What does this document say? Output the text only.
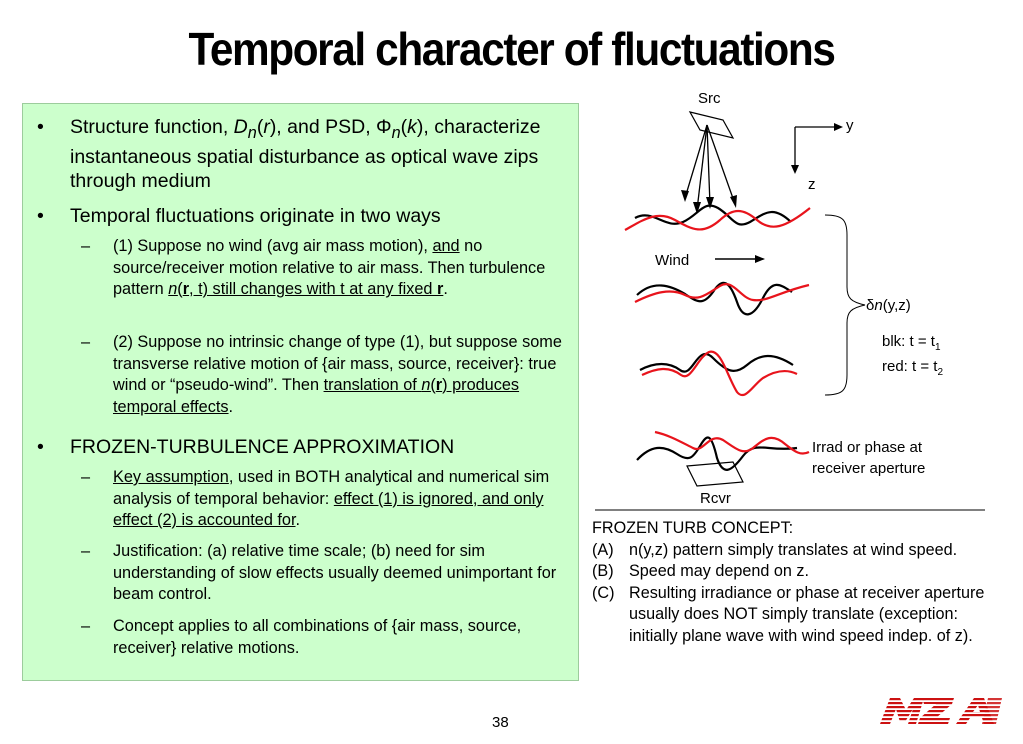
Temporal character of fluctuations
• Structure function, $D_n(r)$, and PSD, $\Phi_n(k)$, characterize instantaneous spatial disturbance as optical wave zips through medium
• Temporal fluctuations originate in two ways
– (1) Suppose no wind (avg air mass motion), and no source/receiver motion relative to air mass. Then turbulence pattern n(r, t) still changes with t at any fixed r.
– (2) Suppose no intrinsic change of type (1), but suppose some transverse relative motion of {air mass, source, receiver}: true wind or “pseudo-wind”. Then translation of n(r) produces temporal effects.
• FROZEN-TURBULENCE APPROXIMATION
– Key assumption, used in BOTH analytical and numerical sim analysis of temporal behavior: effect (1) is ignored, and only effect (2) is accounted for.
– Justification: (a) relative time scale; (b) need for sim understanding of slow effects usually deemed unimportant for beam control.
– Concept applies to all combinations of {air mass, source, receiver} relative motions.
Src
y
z
Wind
δn(y,z)
blk: $t = t_1$
red: $t = t_2$
Irrad or phase at
receiver aperture
Rcvr
FROZEN TURB CONCEPT:
(A) n(y,z) pattern simply translates at wind speed.
(B) Speed may depend on z.
(C) Resulting irradiance or phase at receiver aperture usually does NOT simply translate (exception: initially plane wave with wind speed indep. of z).
38
